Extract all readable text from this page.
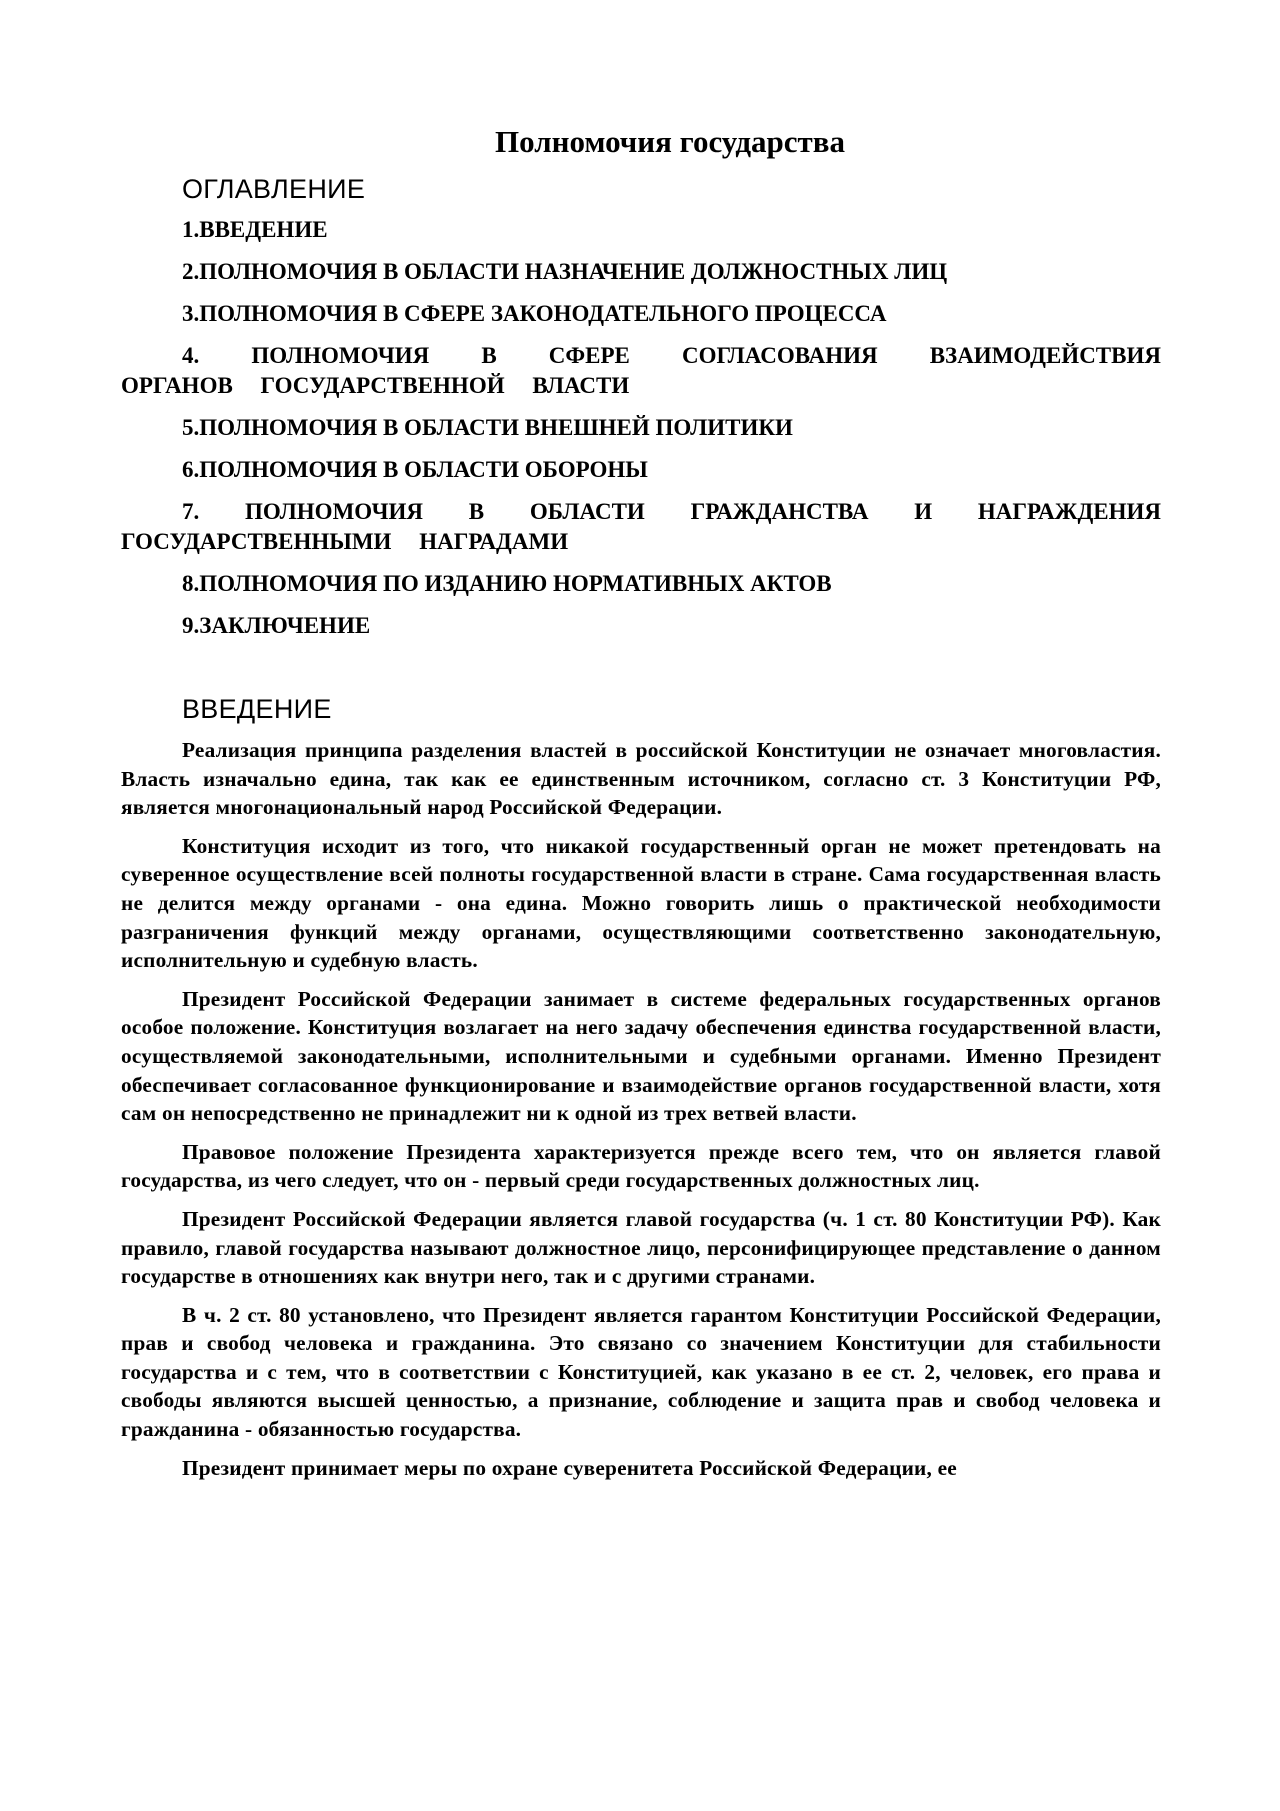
Полномочия государства
ОГЛАВЛЕНИЕ
1.ВВЕДЕНИЕ
2.ПОЛНОМОЧИЯ В ОБЛАСТИ НАЗНАЧЕНИЕ ДОЛЖНОСТНЫХ ЛИЦ
3.ПОЛНОМОЧИЯ В СФЕРЕ ЗАКОНОДАТЕЛЬНОГО ПРОЦЕССА
4. ПОЛНОМОЧИЯ В СФЕРЕ СОГЛАСОВАНИЯ ВЗАИМОДЕЙСТВИЯ ОРГАНОВ ГОСУДАРСТВЕННОЙ ВЛАСТИ
5.ПОЛНОМОЧИЯ В ОБЛАСТИ ВНЕШНЕЙ ПОЛИТИКИ
6.ПОЛНОМОЧИЯ В ОБЛАСТИ ОБОРОНЫ
7. ПОЛНОМОЧИЯ В ОБЛАСТИ ГРАЖДАНСТВА И НАГРАЖДЕНИЯ ГОСУДАРСТВЕННЫМИ НАГРАДАМИ
8.ПОЛНОМОЧИЯ ПО ИЗДАНИЮ НОРМАТИВНЫХ АКТОВ
9.ЗАКЛЮЧЕНИЕ
ВВЕДЕНИЕ

Реализация принципа разделения властей в российской Конституции не означает многовластия. Власть изначально едина, так как ее единственным источником, согласно ст. 3 Конституции РФ, является многонациональный народ Российской Федерации.

Конституция исходит из того, что никакой государственный орган не может претендовать на суверенное осуществление всей полноты государственной власти в стране. Сама государственная власть не делится между органами - она едина. Можно говорить лишь о практической необходимости разграничения функций между органами, осуществляющими соответственно законодательную, исполнительную и судебную власть.

Президент Российской Федерации занимает в системе федеральных государственных органов особое положение. Конституция возлагает на него задачу обеспечения единства государственной власти, осуществляемой законодательными, исполнительными и судебными органами. Именно Президент обеспечивает согласованное функционирование и взаимодействие органов государственной власти, хотя сам он непосредственно не принадлежит ни к одной из трех ветвей власти.

Правовое положение Президента характеризуется прежде всего тем, что он является главой государства, из чего следует, что он - первый среди государственных должностных лиц.

Президент Российской Федерации является главой государства (ч. 1 ст. 80 Конституции РФ). Как правило, главой государства называют должностное лицо, персонифицирующее представление о данном государстве в отношениях как внутри него, так и с другими странами.

В ч. 2 ст. 80 установлено, что Президент является гарантом Конституции Российской Федерации, прав и свобод человека и гражданина. Это связано со значением Конституции для стабильности государства и с тем, что в соответствии с Конституцией, как указано в ее ст. 2, человек, его права и свободы являются высшей ценностью, а признание, соблюдение и защита прав и свобод человека и гражданина - обязанностью государства.

Президент принимает меры по охране суверенитета Российской Федерации, ее
